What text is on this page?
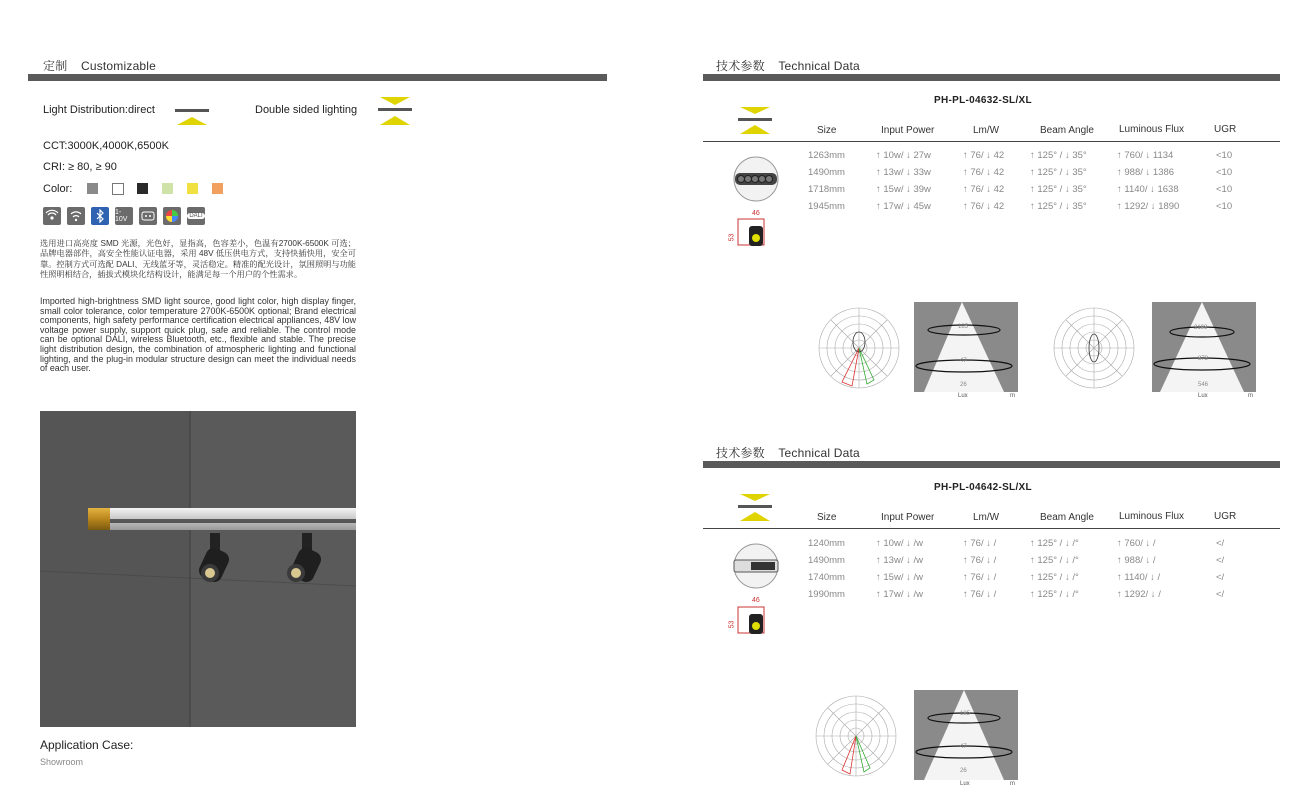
定制 Customizable
Light Distribution:direct	Double sided lighting
CCT:3000K,4000K,6500K
CRI: ≥ 80, ≥ 90
Color:
1-10V	DALI
选用进口高亮度 SMD 光源，光色好，显指高，色容差小，色温有2700K-6500K 可选；品牌电器部件，高安全性能认证电器，采用 48V 低压供电方式，支持快插快用，安全可靠。控制方式可选配 DALI、无线蓝牙等，灵活稳定。精准的配光设计，氛围照明与功能性照明相结合，插拔式模块化结构设计，能满足每一个用户的个性需求。
Imported high-brightness SMD light source, good light color, high display finger, small color tolerance, color temperature 2700K-6500K optional; Brand electrical components, high safety performance certification electrical appliances, 48V low voltage power supply, support quick plug, safe and reliable. The control mode can be optional DALI, wireless Bluetooth, etc., flexible and stable. The precise light distribution design, the combination of atmospheric lighting and functional lighting, and the plug-in modular structure design can meet the individual needs of each user.
Application Case:
Showroom
技术参数 Technical Data
PH-PL-04632-SL/XL
Size	Input Power	Lm/W	Beam Angle	Luminous Flux	UGR
1263mm	↑ 10w/ ↓ 27w	↑ 76/ ↓ 42	↑ 125° / ↓ 35°	↑ 760/ ↓ 1134	<10
1490mm	↑ 13w/ ↓ 33w	↑ 76/ ↓ 42	↑ 125° / ↓ 35°	↑ 988/ ↓ 1386	<10
1718mm	↑ 15w/ ↓ 39w	↑ 76/ ↓ 42	↑ 125° / ↓ 35°	↑ 1140/ ↓ 1638	<10
1945mm	↑ 17w/ ↓ 45w	↑ 76/ ↓ 42	↑ 125° / ↓ 35°	↑ 1292/ ↓ 1890	<10
46
53
185
47
26
Lux	m
2198
873
546
Lux	m
技术参数 Technical Data
PH-PL-04642-SL/XL
Size	Input Power	Lm/W	Beam Angle	Luminous Flux	UGR
1240mm	↑ 10w/ ↓ /w	↑ 76/ ↓ /	↑ 125° / ↓ /°	↑ 760/ ↓ /	</
1490mm	↑ 13w/ ↓ /w	↑ 76/ ↓ /	↑ 125° / ↓ /°	↑ 988/ ↓ /	</
1740mm	↑ 15w/ ↓ /w	↑ 76/ ↓ /	↑ 125° / ↓ /°	↑ 1140/ ↓ /	</
1990mm	↑ 17w/ ↓ /w	↑ 76/ ↓ /	↑ 125° / ↓ /°	↑ 1292/ ↓ /	</
46
53
185
47
26
Lux	m
